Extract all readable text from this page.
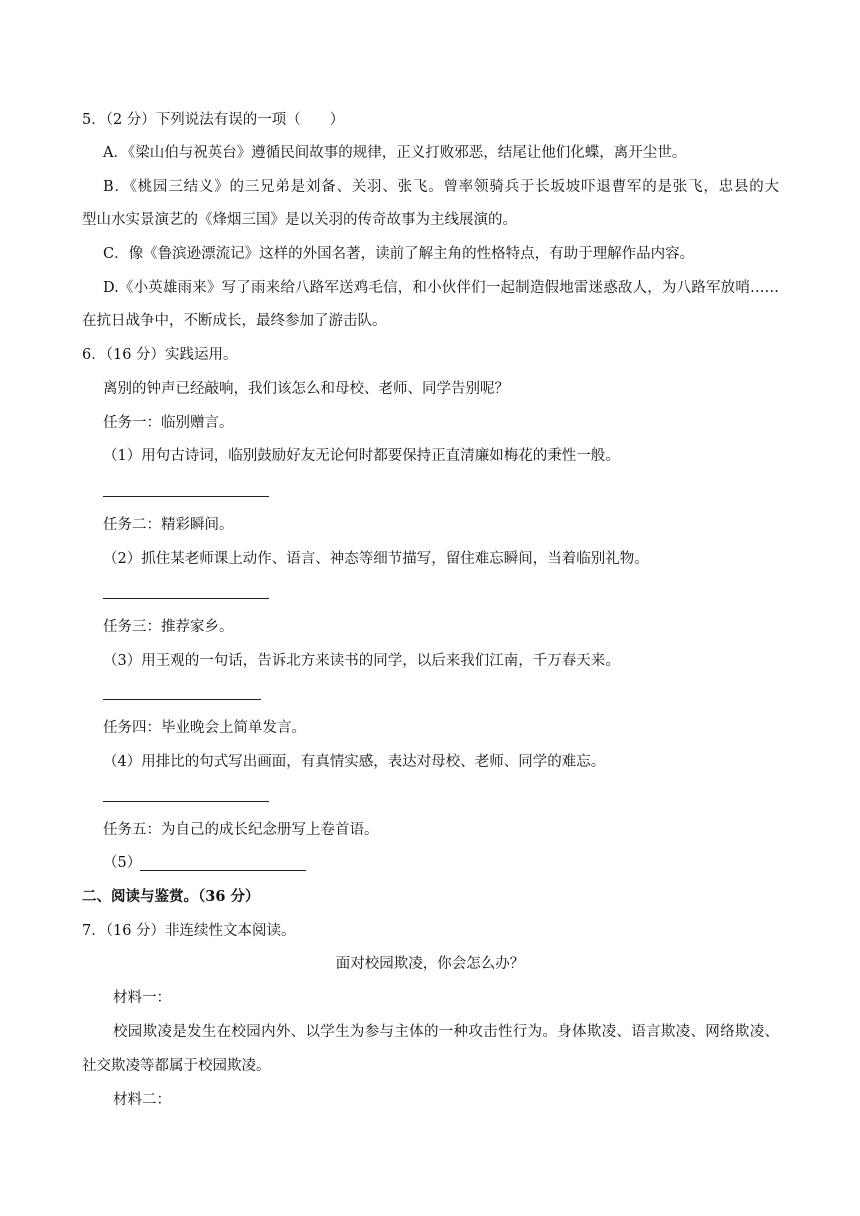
5．（2 分）下列说法有误的一项（　　）
A．《梁山伯与祝英台》遵循民间故事的规律，正义打败邪恶，结尾让他们化蝶，离开尘世。
B．《桃园三结义》的三兄弟是刘备、关羽、张飞。曾率领骑兵于长坂坡吓退曹军的是张飞，忠县的大
型山水实景演艺的《烽烟三国》是以关羽的传奇故事为主线展演的。
C．像《鲁滨逊漂流记》这样的外国名著，读前了解主角的性格特点，有助于理解作品内容。
D.《小英雄雨来》写了雨来给八路军送鸡毛信，和小伙伴们一起制造假地雷迷惑敌人，为八路军放哨……
在抗日战争中，不断成长，最终参加了游击队。
6．（16 分）实践运用。
离别的钟声已经敲响，我们该怎么和母校、老师、同学告别呢？
任务一：临别赠言。
（1）用句古诗词，临别鼓励好友无论何时都要保持正直清廉如梅花的秉性一般。
任务二：精彩瞬间。
（2）抓住某老师课上动作、语言、神态等细节描写，留住难忘瞬间，当着临别礼物。
任务三：推荐家乡。
（3）用王观的一句话，告诉北方来读书的同学，以后来我们江南，千万春天来。
任务四：毕业晚会上简单发言。
（4）用排比的句式写出画面，有真情实感，表达对母校、老师、同学的难忘。
任务五：为自己的成长纪念册写上卷首语。
（5）
二、阅读与鉴赏。（36 分）
7．（16 分）非连续性文本阅读。
面对校园欺凌，你会怎么办？
材料一：
校园欺凌是发生在校园内外、以学生为参与主体的一种攻击性行为。身体欺凌、语言欺凌、网络欺凌、
社交欺凌等都属于校园欺凌。
材料二：
